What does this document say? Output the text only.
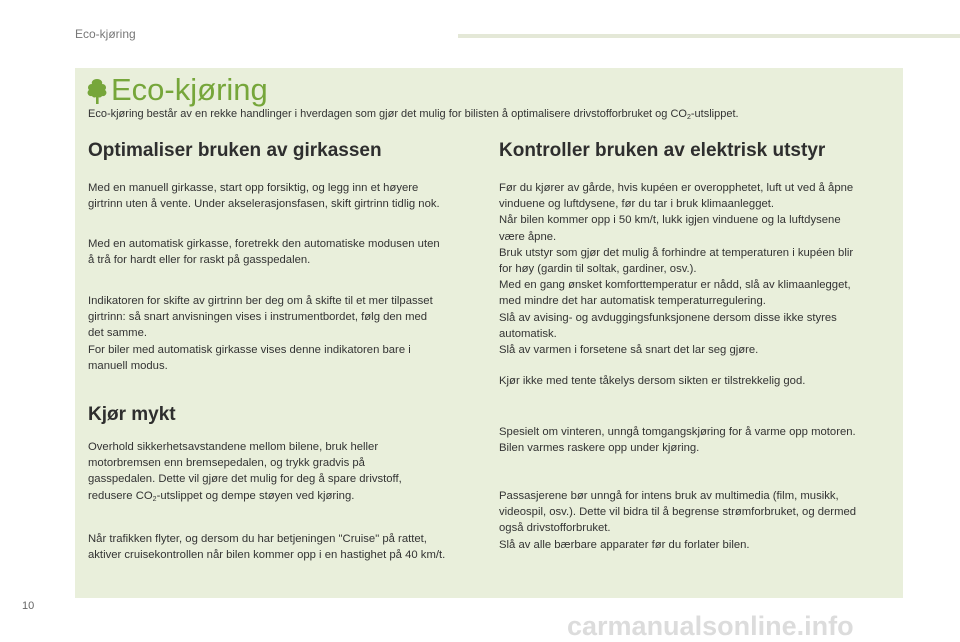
Eco-kjøring
Eco-kjøring
Eco-kjøring består av en rekke handlinger i hverdagen som gjør det mulig for bilisten å optimalisere drivstofforbruket og $CO_2$-utslippet.
Optimaliser bruken av girkassen

Med en manuell girkasse, start opp forsiktig, og legg inn et høyere

girtrinn uten å vente. Under akselerasjonsfasen, skift girtrinn tidlig nok.

Med en automatisk girkasse, foretrekk den automatiske modusen uten

å trå for hardt eller for raskt på gasspedalen.

Indikatoren for skifte av girtrinn ber deg om å skifte til et mer tilpasset

girtrinn: så snart anvisningen vises i instrumentbordet, følg den med

det samme.

For biler med automatisk girkasse vises denne indikatoren bare i

manuell modus.

Kjør mykt

Overhold sikkerhetsavstandene mellom bilene, bruk heller

motorbremsen enn bremsepedalen, og trykk gradvis på

gasspedalen. Dette vil gjøre det mulig for deg å spare drivstoff,

redusere $CO_2$-utslippet og dempe støyen ved kjøring.

Når trafikken flyter, og dersom du har betjeningen "Cruise" på rattet,

aktiver cruisekontrollen når bilen kommer opp i en hastighet på 40 km/t.

Kontroller bruken av elektrisk utstyr

Før du kjører av gårde, hvis kupéen er overopphetet, luft ut ved å åpne

vinduene og luftdysene, før du tar i bruk klimaanlegget.

Når bilen kommer opp i 50 km/t, lukk igjen vinduene og la luftdysene

være åpne.

Bruk utstyr som gjør det mulig å forhindre at temperaturen i kupéen blir

for høy (gardin til soltak, gardiner, osv.).

Med en gang ønsket komforttemperatur er nådd, slå av klimaanlegget,

med mindre det har automatisk temperaturregulering.

Slå av avising- og avduggingsfunksjonene dersom disse ikke styres

automatisk.

Slå av varmen i forsetene så snart det lar seg gjøre.

Kjør ikke med tente tåkelys dersom sikten er tilstrekkelig god.

Spesielt om vinteren, unngå tomgangskjøring for å varme opp motoren.

Bilen varmes raskere opp under kjøring.

Passasjerene bør unngå for intens bruk av multimedia (film, musikk,

videospil, osv.). Dette vil bidra til å begrense strømforbruket, og dermed

også drivstofforbruket.

Slå av alle bærbare apparater før du forlater bilen.

10
carmanualsonline.info
